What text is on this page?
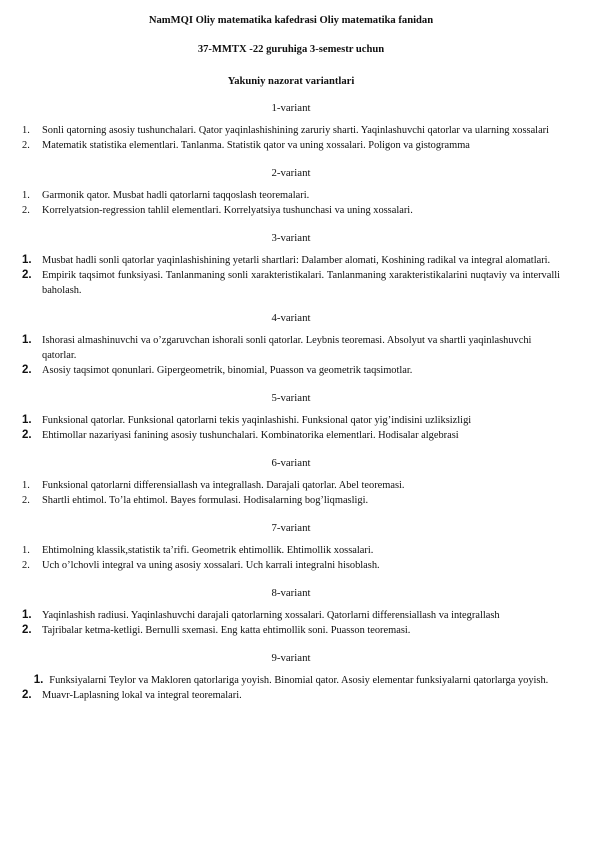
NamMQI Oliy matematika kafedrasi Oliy matematika fanidan

37-MMTX -22 guruhiga 3-semestr uchun

Yakuniy nazorat variantlari

1-variant
1.	Sonli qatorning asosiy tushunchalari. Qator yaqinlashishining zaruriy sharti. Yaqinlashuvchi qatorlar va ularning xossalari
2.	Matematik statistika elementlari. Tanlanma. Statistik qator va uning xossalari. Poligon va gistogramma
2-variant
1.	Garmonik qator. Musbat hadli qatorlarni taqqoslash teoremalari.
2.	Korrelyatsion-regression tahlil elementlari. Korrelyatsiya tushunchasi va uning xossalari.
3-variant
1.	Musbat hadli sonli qatorlar yaqinlashishining yetarli shartlari: Dalamber alomati, Koshining radikal va integral alomatlari.
2.	Empirik taqsimot funksiyasi. Tanlanmaning sonli xarakteristikalari. Tanlanmaning xarakteristikalarini nuqtaviy va intervalli baholash.
4-variant
1.	Ishorasi almashinuvchi va o’zgaruvchan ishorali sonli qatorlar. Leybnis teoremasi. Absolyut va shartli yaqinlashuvchi qatorlar.
2.	Asosiy taqsimot qonunlari. Gipergeometrik, binomial, Puasson va geometrik taqsimotlar.
5-variant
1.	Funksional qatorlar. Funksional qatorlarni tekis yaqinlashishi. Funksional qator yig’indisini uzliksizligi
2.	Ehtimollar nazariyasi fanining asosiy tushunchalari. Kombinatorika elementlari. Hodisalar algebrasi
6-variant
1.	Funksional qatorlarni differensiallash va integrallash. Darajali qatorlar. Abel teoremasi.
2.	Shartli ehtimol. To’la ehtimol. Bayes formulasi. Hodisalarning bog’liqmasligi.
7-variant
1.	Ehtimolning klassik,statistik ta’rifi. Geometrik ehtimollik. Ehtimollik xossalari.
2.	Uch o’lchovli integral va uning asosiy xossalari. Uch karrali integralni hisoblash.
8-variant
1.	Yaqinlashish radiusi. Yaqinlashuvchi darajali qatorlarning xossalari. Qatorlarni differensiallash va integrallash
2.	Tajribalar ketma-ketligi. Bernulli sxemasi. Eng katta ehtimollik soni. Puasson teoremasi.
9-variant
1. Funksiyalarni Teylor va Makloren qatorlariga yoyish. Binomial qator. Asosiy elementar funksiyalarni qatorlarga yoyish.
2.	Muavr-Laplasning lokal va integral teoremalari.
